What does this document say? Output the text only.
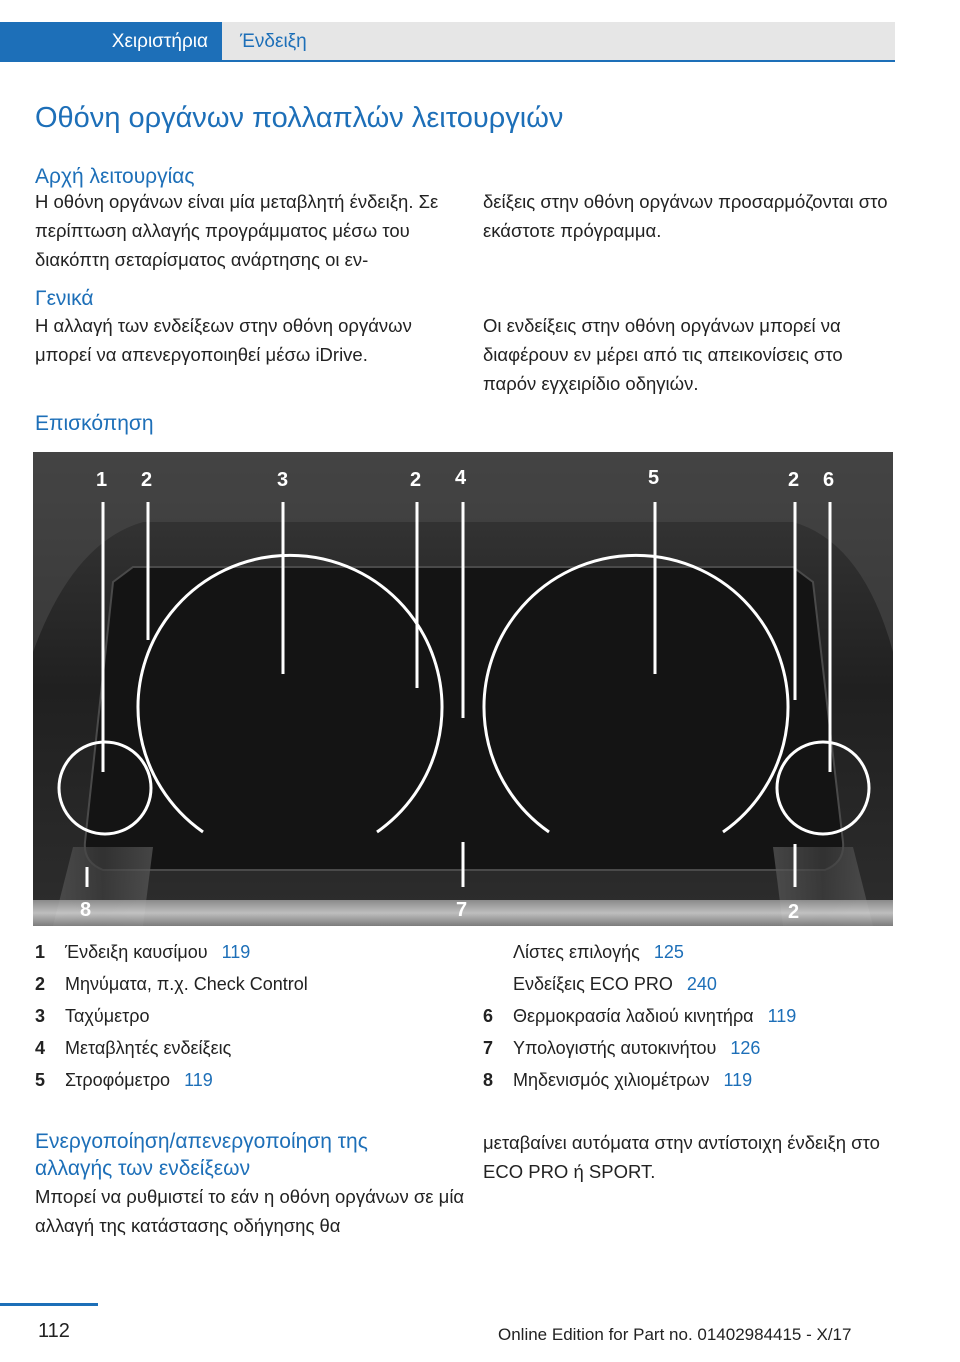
Χειριστήρια	Ένδειξη
Οθόνη οργάνων πολλαπλών λειτουργιών
Αρχή λειτουργίας
Η οθόνη οργάνων είναι μία μεταβλητή ένδειξη. Σε περίπτωση αλλαγής προγράμματος μέσω του διακόπτη σεταρίσματος ανάρτησης οι εν-
δείξεις στην οθόνη οργάνων προσαρμόζονται στο εκάστοτε πρόγραμμα.
Γενικά
Η αλλαγή των ενδείξεων στην οθόνη οργάνων μπορεί να απενεργοποιηθεί μέσω iDrive.
Οι ενδείξεις στην οθόνη οργάνων μπορεί να διαφέρουν εν μέρει από τις απεικονίσεις στο παρόν εγχειρίδιο οδηγιών.
Επισκόπηση
1 2	3	2 4	5	2 6
8	7	2
1 Ένδειξη καυσίμου 119
2 Μηνύματα, π.χ. Check Control
3 Ταχύμετρο
4 Μεταβλητές ενδείξεις
5 Στροφόμετρο 119
Λίστες επιλογής 125
Ενδείξεις ECO PRO 240
6 Θερμοκρασία λαδιού κινητήρα 119
7 Υπολογιστής αυτοκινήτου 126
8 Μηδενισμός χιλιομέτρων 119
Ενεργοποίηση/απενεργοποίηση της
αλλαγής των ενδείξεων
Μπορεί να ρυθμιστεί το εάν η οθόνη οργάνων σε μία αλλαγή της κατάστασης οδήγησης θα
μεταβαίνει αυτόματα στην αντίστοιχη ένδειξη στο ECO PRO ή SPORT.
112	Online Edition for Part no. 01402984415 - X/17
